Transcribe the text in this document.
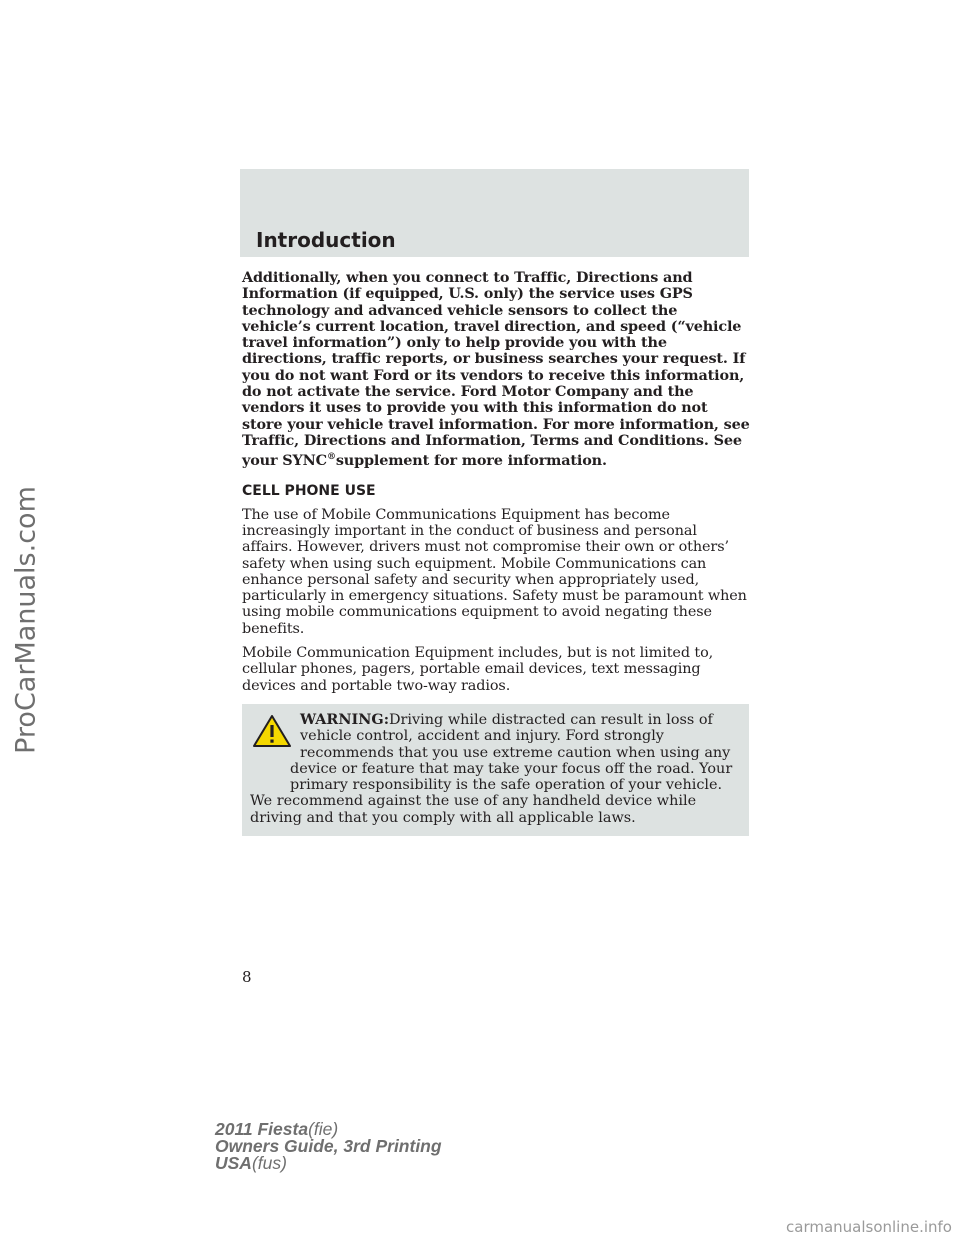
ProCarManuals.com
Introduction

Additionally, when you connect to Traffic, Directions and Information (if equipped, U.S. only) the service uses GPS technology and advanced vehicle sensors to collect the vehicle’s current location, travel direction, and speed (“vehicle travel information”) only to help provide you with the directions, traffic reports, or business searches your request. If you do not want Ford or its vendors to receive this information, do not activate the service. Ford Motor Company and the vendors it uses to provide you with this information do not store your vehicle travel information. For more information, see Traffic, Directions and Information, Terms and Conditions. See your SYNC®supplement for more information.

CELL PHONE USE

The use of Mobile Communications Equipment has become increasingly important in the conduct of business and personal affairs. However, drivers must not compromise their own or others’ safety when using such equipment. Mobile Communications can enhance personal safety and security when appropriately used, particularly in emergency situations. Safety must be paramount when using mobile communications equipment to avoid negating these benefits.

Mobile Communication Equipment includes, but is not limited to, cellular phones, pagers, portable email devices, text messaging devices and portable two-way radios.

WARNING:Driving while distracted can result in loss of vehicle control, accident and injury. Ford strongly recommends that you use extreme caution when using any device or feature that may take your focus off the road. Your primary responsibility is the safe operation of your vehicle.

We recommend against the use of any handheld device while driving and that you comply with all applicable laws.

8
2011 Fiesta(fie)
Owners Guide, 3rd Printing
USA(fus)
carmanualsonline.info
